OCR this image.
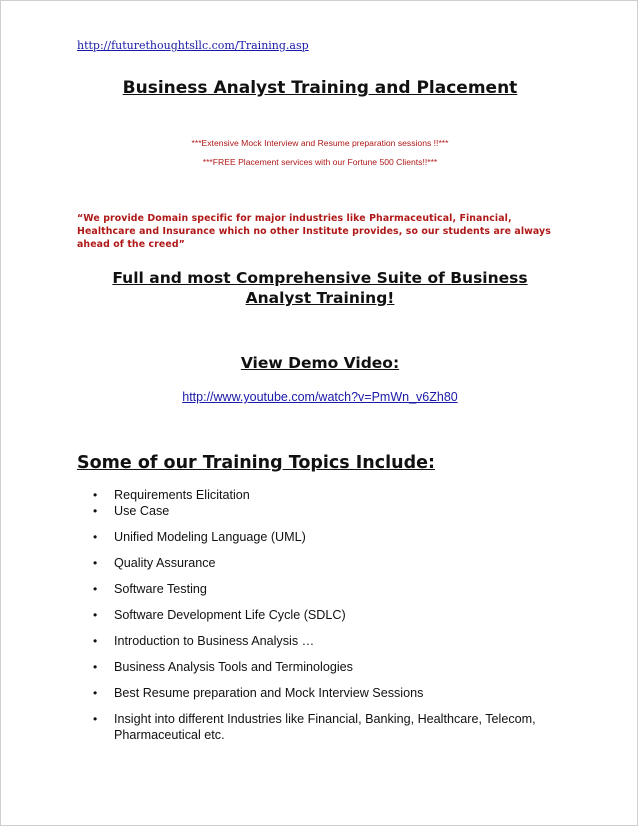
http://futurethoughtsllc.com/Training.asp
Business Analyst Training and Placement
***Extensive Mock Interview and Resume preparation sessions !!***
***FREE Placement services with our Fortune 500 Clients!!***
“We provide Domain specific for major industries like Pharmaceutical, Financial, Healthcare and Insurance which no other Institute provides, so our students are always ahead of the creed”
Full and most Comprehensive Suite of Business
Analyst Training!
View Demo Video:
http://www.youtube.com/watch?v=PmWn_v6Zh80
Some of our Training Topics Include:
•	Requirements Elicitation
•	Use Case
•	Unified Modeling Language (UML)
•	Quality Assurance
•	Software Testing
•	Software Development Life Cycle (SDLC)
•	Introduction to Business Analysis …
•	Business Analysis Tools and Terminologies
•	Best Resume preparation and Mock Interview Sessions
•	Insight into different Industries like Financial, Banking, Healthcare, Telecom, Pharmaceutical etc.
